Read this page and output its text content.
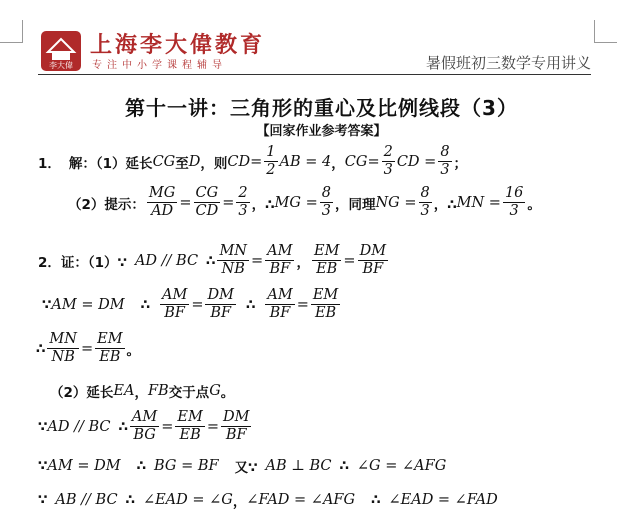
李大偉
上海李大偉教育
专注中小学课程辅导	暑假班初三数学专用讲义
第十一讲：三角形的重心及比例线段（3）
【回家作业参考答案】
1． 解：（1）延长 CG 至 D ，则 CD = $\frac{1}{2}$ AB = 4 ， CG = $\frac{2}{3}$ CD = $\frac{8}{3}$ ；
（2）提示： $\frac{MG}{AD} = \frac{CG}{CD} = \frac{2}{3}$ ，∴ MG = $\frac{8}{3}$ ，同理 NG = $\frac{8}{3}$ ，∴ MN = $\frac{16}{3}$ 。
2．证：（1）∵ AD // BC ∴ $\frac{MN}{NB} = \frac{AM}{BF}$ ， $\frac{EM}{EB} = \frac{DM}{BF}$
∵ AM = DM ∴ $\frac{AM}{BF} = \frac{DM}{BF}$ ∴ $\frac{AM}{BF} = \frac{EM}{EB}$
∴ $\frac{MN}{NB} = \frac{EM}{EB}$ 。
（2）延长 EA ， FB 交于点 G 。
∵ AD // BC ∴ $\frac{AM}{BG} = \frac{EM}{EB} = \frac{DM}{BF}$
∵ AM = DM ∴ BG = BF 又∵ AB ⊥ BC ∴ ∠G = ∠AFG
∵ AB // BC ∴ ∠EAD = ∠G ， ∠FAD = ∠AFG ∴ ∠EAD = ∠FAD
